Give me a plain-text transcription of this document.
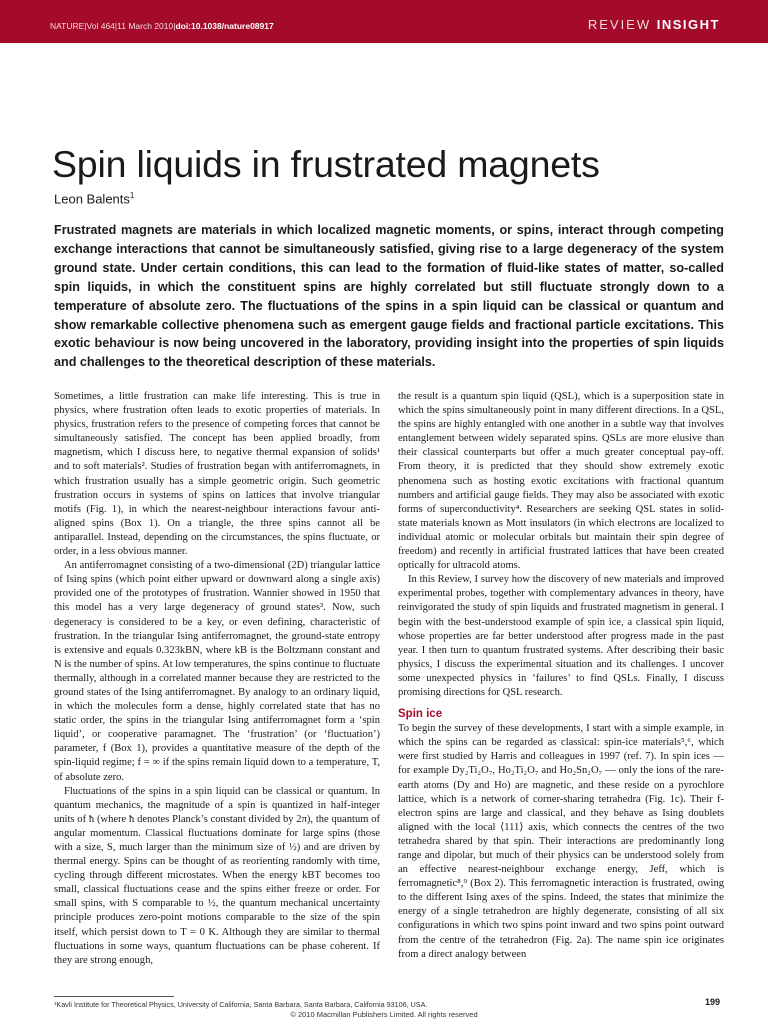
NATURE|Vol 464|11 March 2010|doi:10.1038/nature08917	REVIEW INSIGHT
Spin liquids in frustrated magnets
Leon Balents$^1$

Frustrated magnets are materials in which localized magnetic moments, or spins, interact through competing exchange interactions that cannot be simultaneously satisfied, giving rise to a large degeneracy of the system ground state. Under certain conditions, this can lead to the formation of fluid-like states of matter, so-called spin liquids, in which the constituent spins are highly correlated but still fluctuate strongly down to a temperature of absolute zero. The fluctuations of the spins in a spin liquid can be classical or quantum and show remarkable collective phenomena such as emergent gauge fields and fractional particle excitations. This exotic behaviour is now being uncovered in the laboratory, providing insight into the properties of spin liquids and challenges to the theoretical description of these materials.

Sometimes, a little frustration can make life interesting. This is true in physics, where frustration often leads to exotic properties of materials. In physics, frustration refers to the presence of competing forces that cannot be simultaneously satisfied. The concept has been applied broadly, from magnetism, which I discuss here, to negative thermal expansion of solids¹ and to soft materials². Studies of frustration began with antiferromagnets, in which frustration usually has a simple geometric origin. Such geometric frustration occurs in systems of spins on lattices that involve triangular motifs (Fig. 1), in which the nearest-neighbour interactions favour anti-aligned spins (Box 1). On a triangle, the three spins cannot all be antiparallel. Instead, depending on the circumstances, the spins fluctuate, or order, in a less obvious manner.

An antiferromagnet consisting of a two-dimensional (2D) triangular lattice of Ising spins (which point either upward or downward along a single axis) provided one of the prototypes of frustration. Wannier showed in 1950 that this model has a very large degeneracy of ground states³. Now, such degeneracy is considered to be a key, or even defining, characteristic of frustration. In the triangular Ising antiferromagnet, the ground-state entropy is extensive and equals 0.323kBN, where kB is the Boltzmann constant and N is the number of spins. At low temperatures, the spins continue to fluctuate thermally, although in a correlated manner because they are restricted to the ground states of the Ising antiferromagnet. By analogy to an ordinary liquid, in which the molecules form a dense, highly correlated state that has no static order, the spins in the triangular Ising antiferromagnet form a ‘spin liquid’, or cooperative paramagnet. The ‘frustration’ (or ‘fluctuation’) parameter, f (Box 1), provides a quantitative measure of the depth of the spin-liquid regime; f = ∞ if the spins remain liquid down to a temperature, T, of absolute zero.

Fluctuations of the spins in a spin liquid can be classical or quantum. In quantum mechanics, the magnitude of a spin is quantized in half-integer units of ħ (where ħ denotes Planck’s constant divided by 2π), the quantum of angular momentum. Classical fluctuations dominate for large spins (those with a size, S, much larger than the minimum size of ½) and are driven by thermal energy. Spins can be thought of as reorienting randomly with time, cycling through different microstates. When the energy kBT becomes too small, classical fluctuations cease and the spins either freeze or order. For small spins, with S comparable to ½, the quantum mechanical uncertainty principle produces zero-point motions comparable to the size of the spin itself, which persist down to T = 0 K. Although they are similar to thermal fluctuations in some ways, quantum fluctuations can be phase coherent. If they are strong enough,

the result is a quantum spin liquid (QSL), which is a superposition state in which the spins simultaneously point in many different directions. In a QSL, the spins are highly entangled with one another in a subtle way that involves entanglement between widely separated spins. QSLs are more elusive than their classical counterparts but offer a much greater conceptual pay-off. From theory, it is predicted that they should show extremely exotic phenomena such as hosting exotic excitations with fractional quantum numbers and artificial gauge fields. They may also be associated with exotic forms of superconductivity⁴. Researchers are seeking QSL states in solid-state materials known as Mott insulators (in which electrons are localized to individual atomic or molecular orbitals but maintain their spin degree of freedom) and recently in artificial frustrated lattices that have been created optically for ultracold atoms.

In this Review, I survey how the discovery of new materials and improved experimental probes, together with complementary advances in theory, have reinvigorated the study of spin liquids and frustrated magnetism in general. I begin with the best-understood example of spin ice, a classical spin liquid, whose properties are far better understood after progress made in the past year. I then turn to quantum frustrated systems. After describing their basic physics, I discuss the experimental situation and its challenges. I uncover some unexpected physics in ‘failures’ to find QSLs. Finally, I discuss promising directions for QSL research.

Spin ice

To begin the survey of these developments, I start with a simple example, in which the spins can be regarded as classical: spin-ice materials⁵,⁶, which were first studied by Harris and colleagues in 1997 (ref. 7). In spin ices — for example Dy₂Ti₂O₇, Ho₂Ti₂O₇ and Ho₂Sn₂O₇ — only the ions of the rare-earth atoms (Dy and Ho) are magnetic, and these reside on a pyrochlore lattice, which is a network of corner-sharing tetrahedra (Fig. 1c). Their f-electron spins are large and classical, and they behave as Ising doublets aligned with the local ⟨111⟩ axis, which connects the centres of the two tetrahedra shared by that spin. Their interactions are predominantly long range and dipolar, but much of their physics can be understood solely from an effective nearest-neighbour exchange energy, Jeff, which is ferromagnetic⁸,⁹ (Box 2). This ferromagnetic interaction is frustrated, owing to the different Ising axes of the spins. Indeed, the states that minimize the energy of a single tetrahedron are highly degenerate, consisting of all six configurations in which two spins point inward and two spins point outward from the centre of the tetrahedron (Fig. 2a). The name spin ice originates from a direct analogy between

¹Kavli Institute for Theoretical Physics, University of California, Santa Barbara, Santa Barbara, California 93106, USA.	199
© 2010 Macmillan Publishers Limited. All rights reserved
